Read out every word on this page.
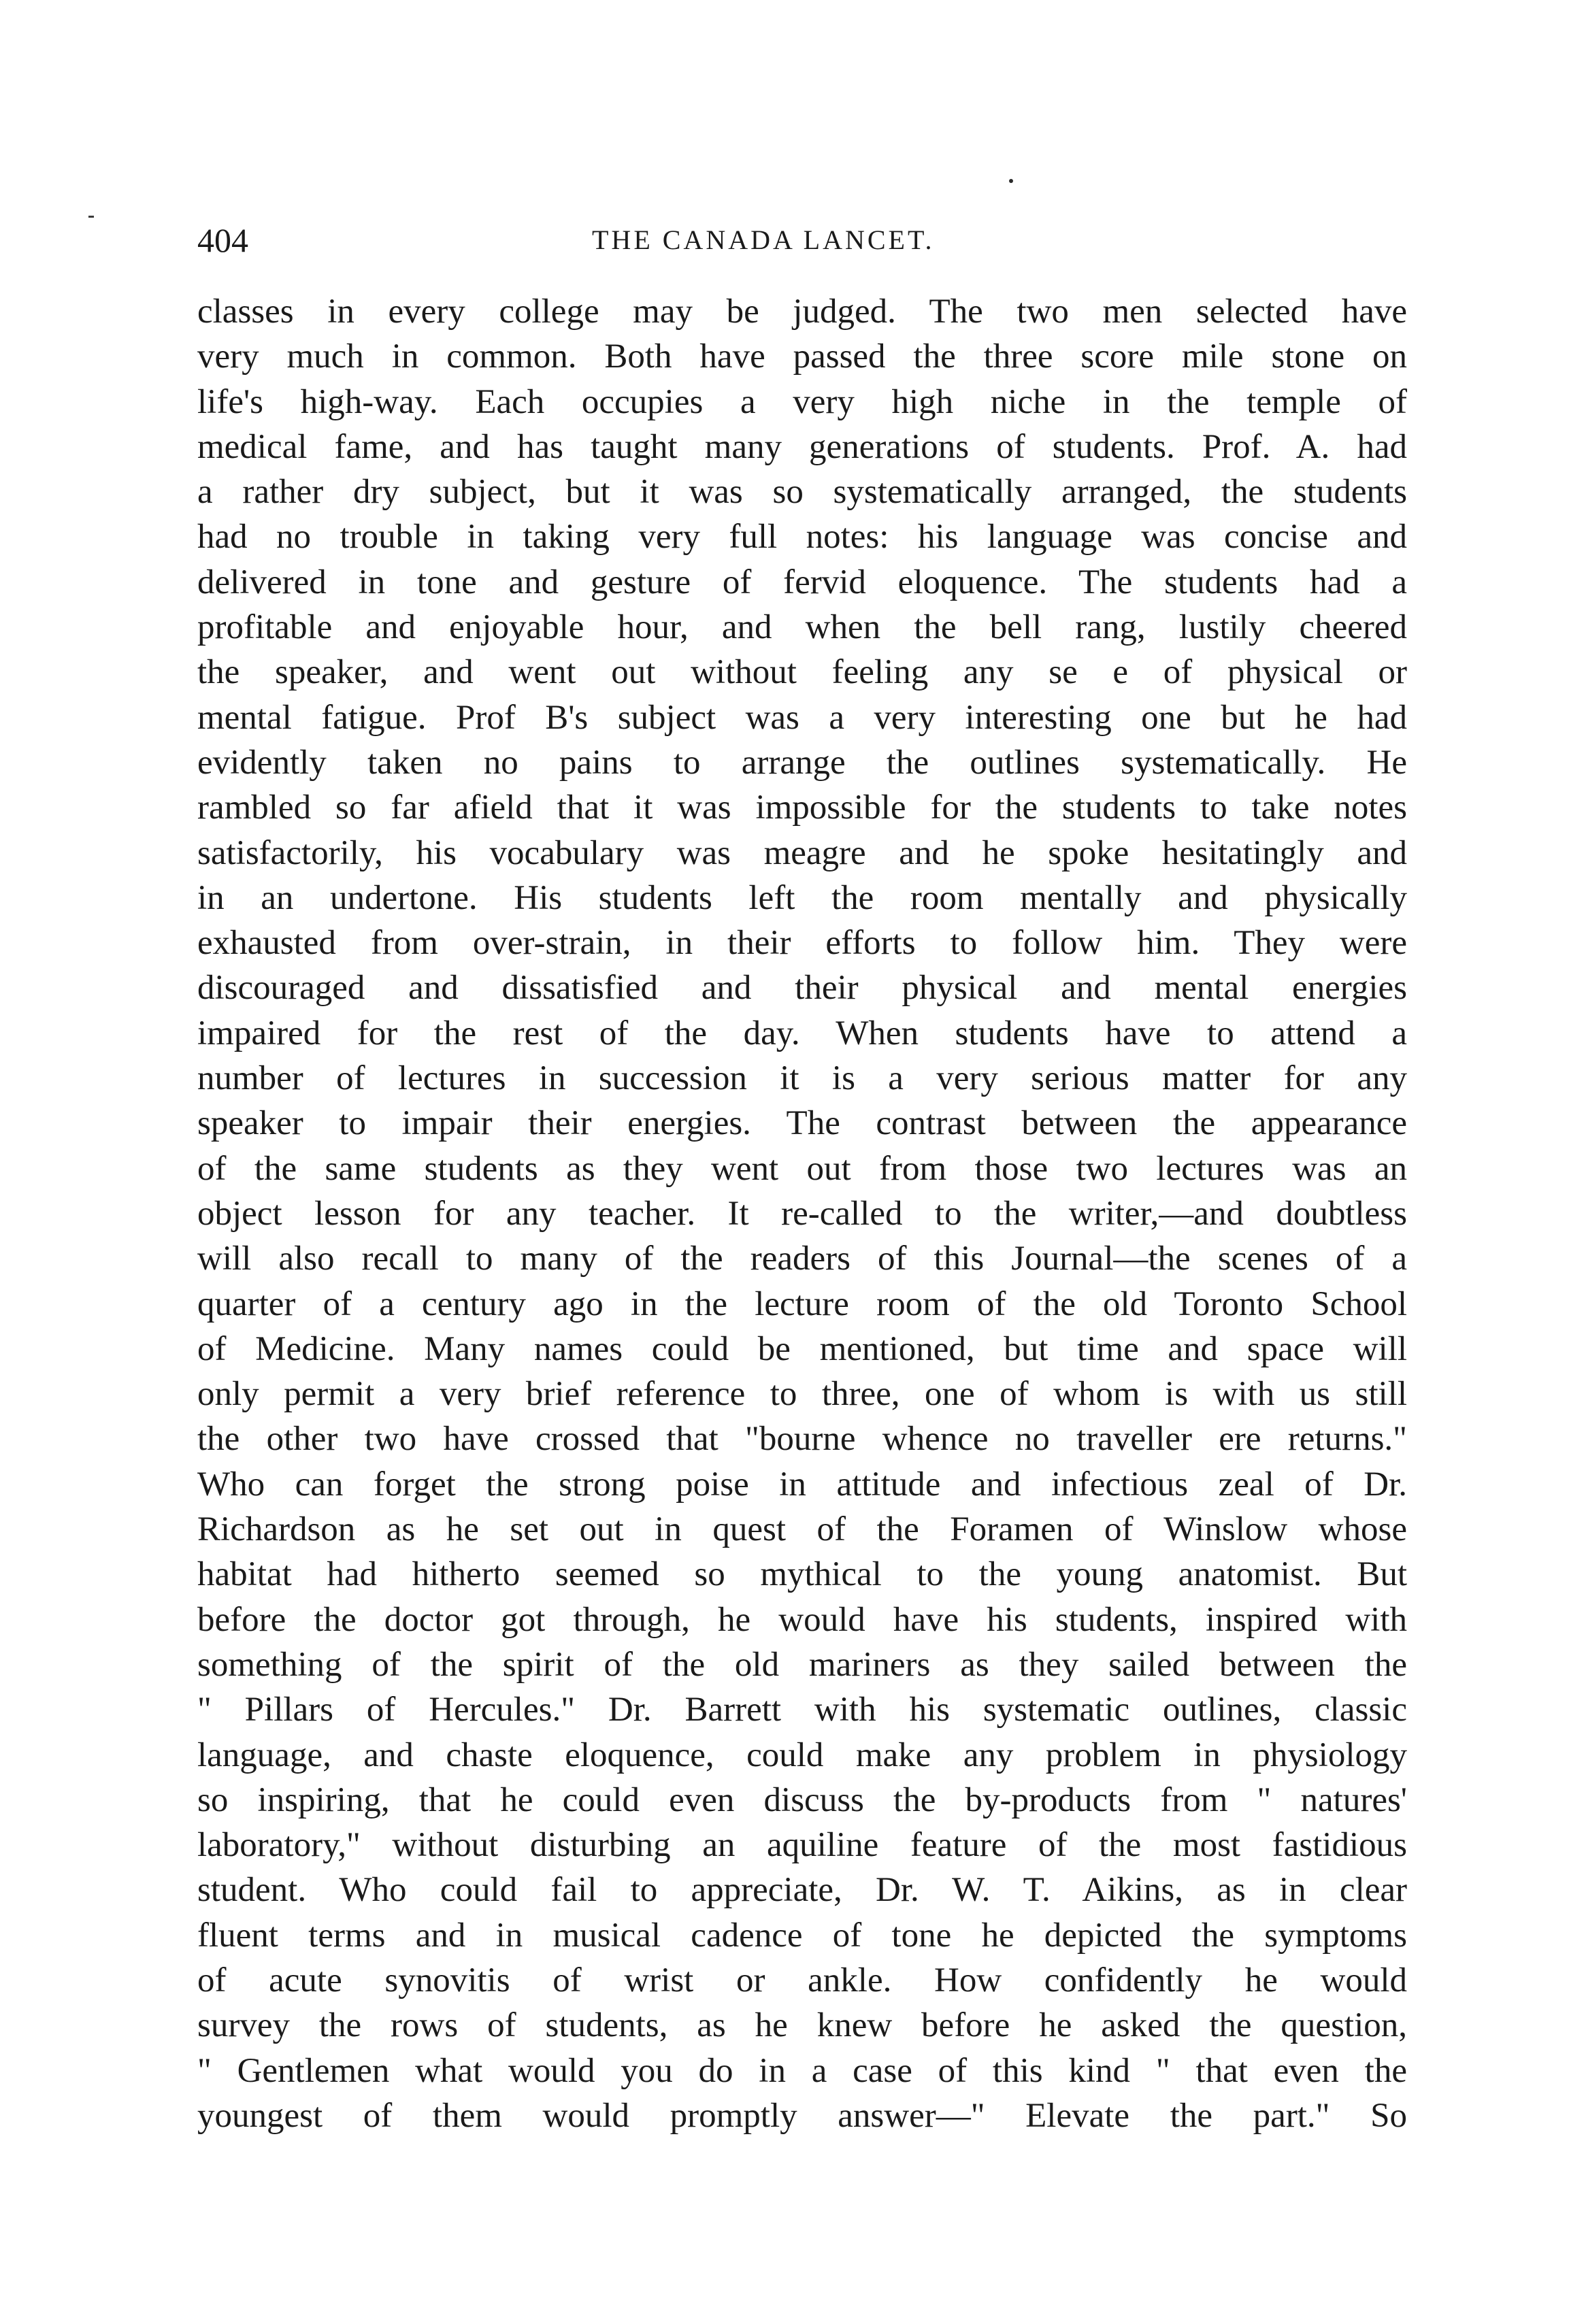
404	THE CANADA LANCET.
classes in every college may be judged. The two men selected have
very much in common. Both have passed the three score mile stone on
life's high-way. Each occupies a very high niche in the temple of
medical fame, and has taught many generations of students. Prof. A. had
a rather dry subject, but it was so systematically arranged, the students
had no trouble in taking very full notes: his language was concise and
delivered in tone and gesture of fervid eloquence. The students had a
profitable and enjoyable hour, and when the bell rang, lustily cheered
the speaker, and went out without feeling any se e of physical or
mental fatigue. Prof B's subject was a very interesting one but he had
evidently taken no pains to arrange the outlines systematically. He
rambled so far afield that it was impossible for the students to take notes
satisfactorily, his vocabulary was meagre and he spoke hesitatingly and
in an undertone. His students left the room mentally and physically
exhausted from over-strain, in their efforts to follow him. They were
discouraged and dissatisfied and their physical and mental energies
impaired for the rest of the day. When students have to attend a
number of lectures in succession it is a very serious matter for any
speaker to impair their energies. The contrast between the appearance
of the same students as they went out from those two lectures was an
object lesson for any teacher. It re-called to the writer,—and doubtless
will also recall to many of the readers of this Journal—the scenes of a
quarter of a century ago in the lecture room of the old Toronto School
of Medicine. Many names could be mentioned, but time and space will
only permit a very brief reference to three, one of whom is with us still
the other two have crossed that "bourne whence no traveller ere returns."
Who can forget the strong poise in attitude and infectious zeal of Dr.
Richardson as he set out in quest of the Foramen of Winslow whose
habitat had hitherto seemed so mythical to the young anatomist. But
before the doctor got through, he would have his students, inspired with
something of the spirit of the old mariners as they sailed between the
" Pillars of Hercules." Dr. Barrett with his systematic outlines, classic
language, and chaste eloquence, could make any problem in physiology
so inspiring, that he could even discuss the by-products from " natures'
laboratory," without disturbing an aquiline feature of the most fastidious
student. Who could fail to appreciate, Dr. W. T. Aikins, as in clear
fluent terms and in musical cadence of tone he depicted the symptoms
of acute synovitis of wrist or ankle. How confidently he would
survey the rows of students, as he knew before he asked the question,
" Gentlemen what would you do in a case of this kind " that even the
youngest of them would promptly answer—" Elevate the part." So
